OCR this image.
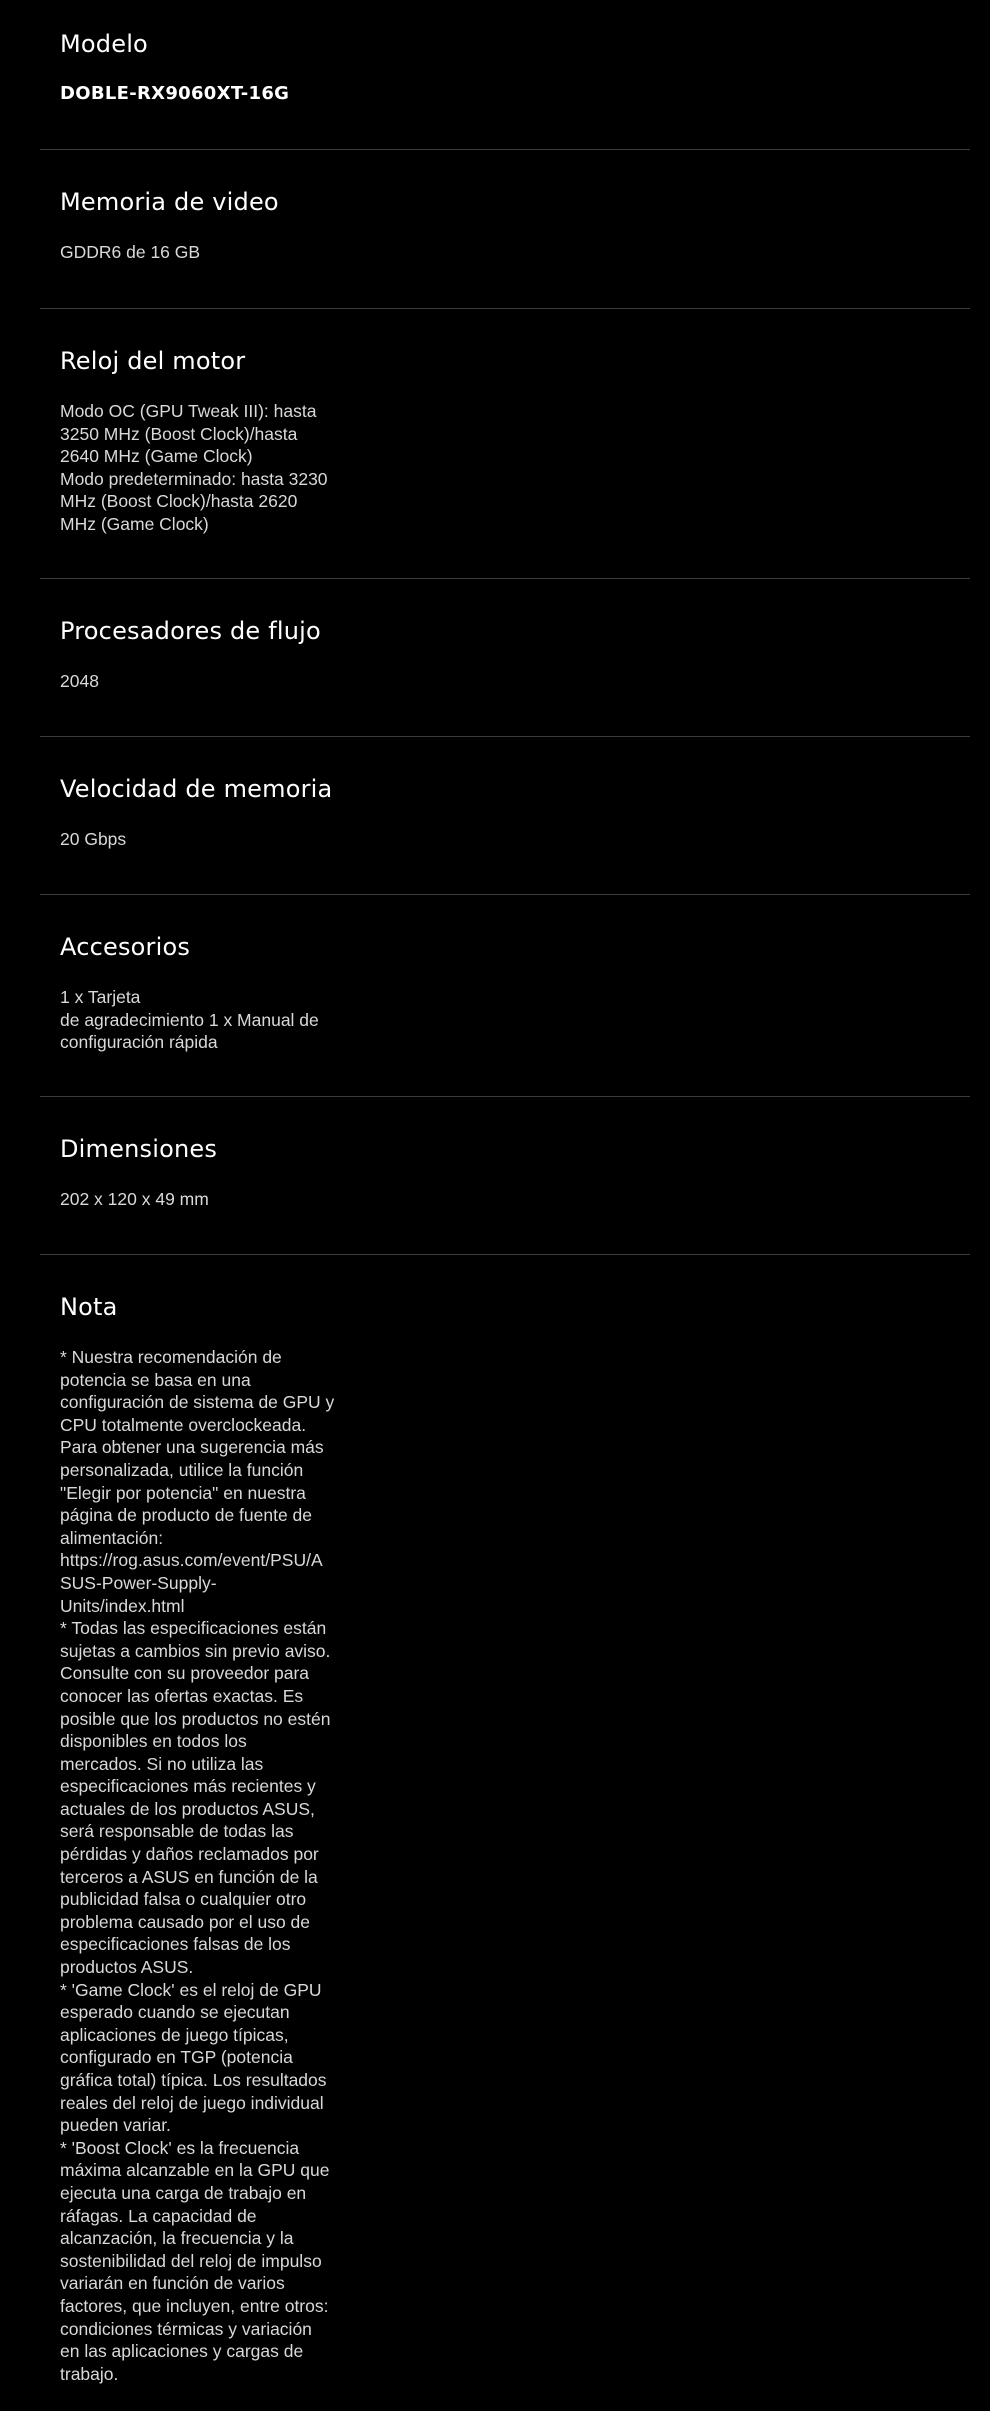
Modelo
DOBLE-RX9060XT-16G
Memoria de video
GDDR6 de 16 GB
Reloj del motor
Modo OC (GPU Tweak III): hasta
3250 MHz (Boost Clock)/hasta
2640 MHz (Game Clock)
Modo predeterminado: hasta 3230
MHz (Boost Clock)/hasta 2620
MHz (Game Clock)
Procesadores de flujo
2048
Velocidad de memoria
20 Gbps
Accesorios
1 x Tarjeta
de agradecimiento 1 x Manual de
configuración rápida
Dimensiones
202 x 120 x 49 mm
Nota
* Nuestra recomendación de
potencia se basa en una
configuración de sistema de GPU y
CPU totalmente overclockeada.
Para obtener una sugerencia más
personalizada, utilice la función
"Elegir por potencia" en nuestra
página de producto de fuente de
alimentación:
https://rog.asus.com/event/PSU/A
SUS-Power-Supply-
Units/index.html
* Todas las especificaciones están
sujetas a cambios sin previo aviso.
Consulte con su proveedor para
conocer las ofertas exactas. Es
posible que los productos no estén
disponibles en todos los
mercados. Si no utiliza las
especificaciones más recientes y
actuales de los productos ASUS,
será responsable de todas las
pérdidas y daños reclamados por
terceros a ASUS en función de la
publicidad falsa o cualquier otro
problema causado por el uso de
especificaciones falsas de los
productos ASUS.
* 'Game Clock' es el reloj de GPU
esperado cuando se ejecutan
aplicaciones de juego típicas,
configurado en TGP (potencia
gráfica total) típica. Los resultados
reales del reloj de juego individual
pueden variar.
* 'Boost Clock' es la frecuencia
máxima alcanzable en la GPU que
ejecuta una carga de trabajo en
ráfagas. La capacidad de
alcanzación, la frecuencia y la
sostenibilidad del reloj de impulso
variarán en función de varios
factores, que incluyen, entre otros:
condiciones térmicas y variación
en las aplicaciones y cargas de
trabajo.
